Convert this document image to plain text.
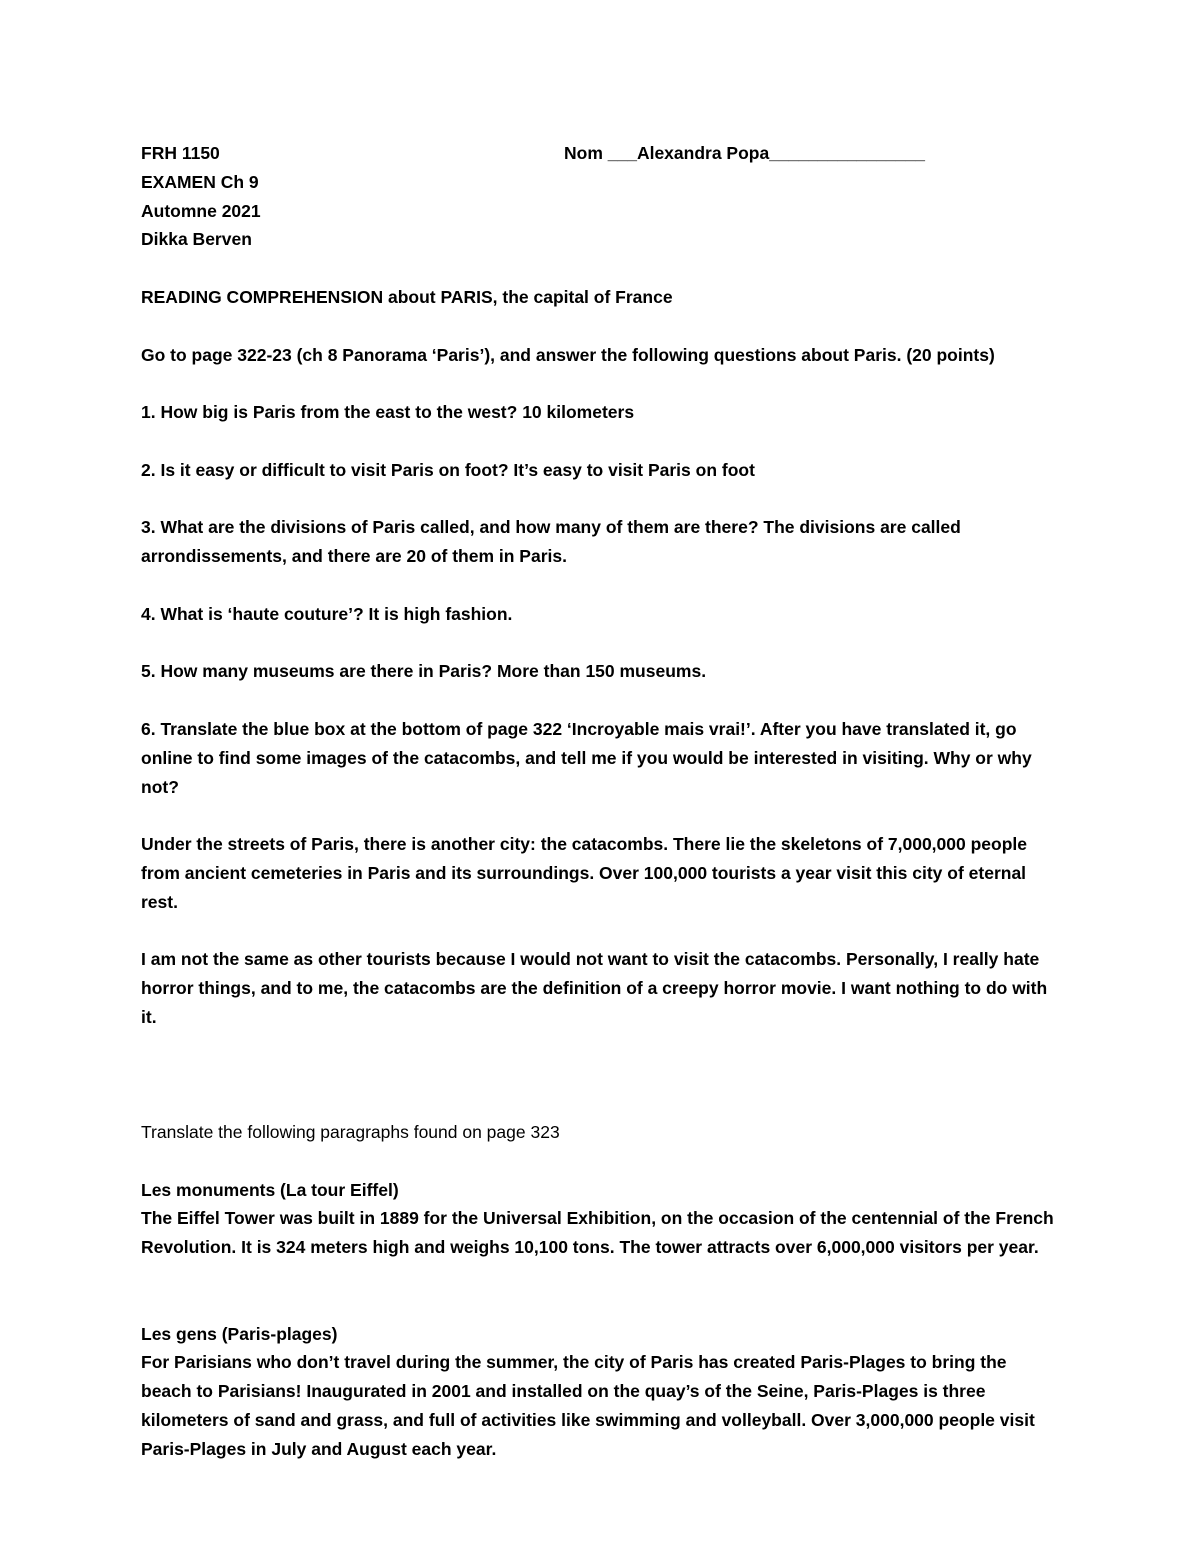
FRH 1150	Nom ___Alexandra Popa________________

EXAMEN Ch 9

Automne 2021

Dikka Berven

READING COMPREHENSION about PARIS, the capital of France

Go to page 322-23 (ch 8 Panorama ‘Paris’), and answer the following questions about Paris. (20 points)

1. How big is Paris from the east to the west? 10 kilometers

2. Is it easy or difficult to visit Paris on foot? It’s easy to visit Paris on foot

3. What are the divisions of Paris called, and how many of them are there? The divisions are called arrondissements, and there are 20 of them in Paris.

4. What is ‘haute couture’? It is high fashion.

5. How many museums are there in Paris? More than 150 museums.

6. Translate the blue box at the bottom of page 322 ‘Incroyable mais vrai!’. After you have translated it, go online to find some images of the catacombs, and tell me if you would be interested in visiting. Why or why not?

Under the streets of Paris, there is another city: the catacombs. There lie the skeletons of 7,000,000 people from ancient cemeteries in Paris and its surroundings. Over 100,000 tourists a year visit this city of eternal rest.

I am not the same as other tourists because I would not want to visit the catacombs. Personally, I really hate horror things, and to me, the catacombs are the definition of a creepy horror movie. I want nothing to do with it.

Translate the following paragraphs found on page 323

Les monuments (La tour Eiffel)

The Eiffel Tower was built in 1889 for the Universal Exhibition, on the occasion of the centennial of the French Revolution. It is 324 meters high and weighs 10,100 tons. The tower attracts over 6,000,000 visitors per year.

Les gens (Paris-plages)

For Parisians who don’t travel during the summer, the city of Paris has created Paris-Plages to bring the beach to Parisians! Inaugurated in 2001 and installed on the quay’s of the Seine, Paris-Plages is three kilometers of sand and grass, and full of activities like swimming and volleyball. Over 3,000,000 people visit Paris-Plages in July and August each year.
